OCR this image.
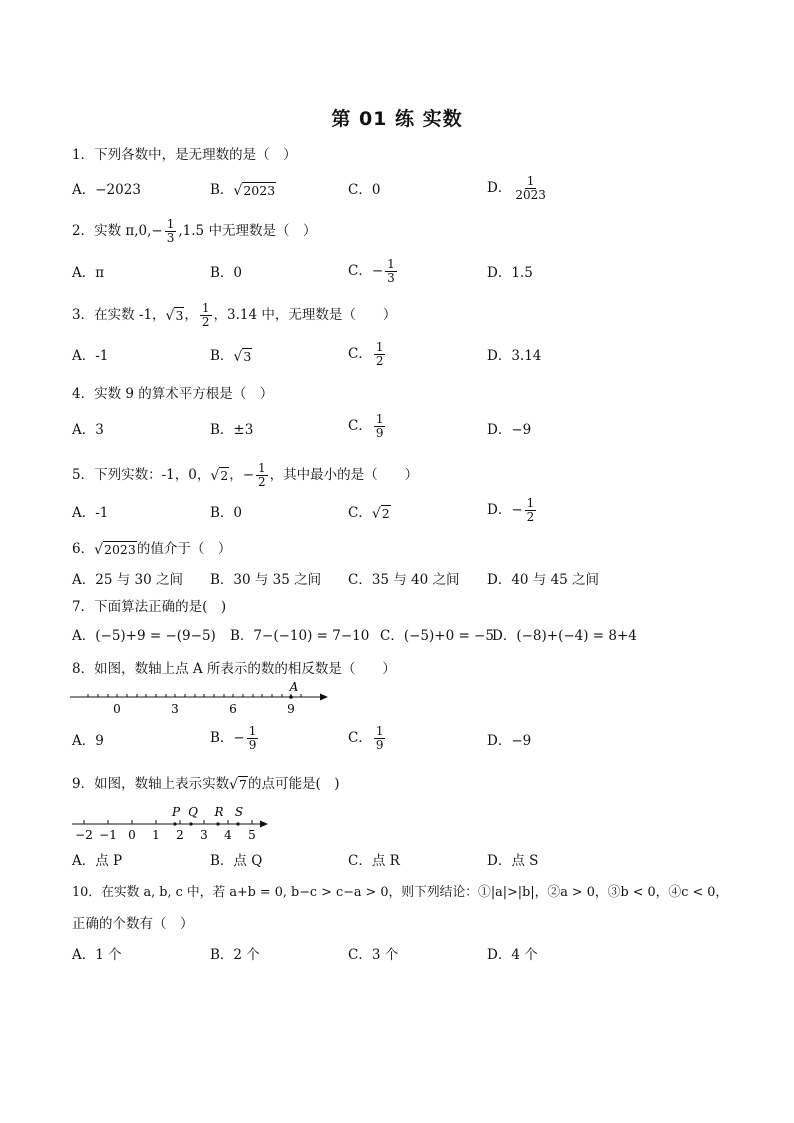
第 01 练 实数
1．下列各数中，是无理数的是（　）
A．−2023	B．√2023	C．0	D． $\frac{1}{2023}$
2．实数 $\pi,0,- \frac{1}{3} ,1.5$ 中无理数是（　）
A．π	B．0	C．− $\frac{1}{3}$	D．1.5
3．在实数 -1，√3， $\frac{1}{2}$ ，3.14 中，无理数是（　　）
A．-1	B．√3	C． $\frac{1}{2}$	D．3.14
4．实数 9 的算术平方根是（　）
A．3	B．±3	C． $\frac{1}{9}$	D．−9
5．下列实数：-1，0，√2，− $\frac{1}{2}$ ，其中最小的是（　　）
A．-1	B．0	C．√2	D．− $\frac{1}{2}$
6．√2023的值介于（　）
A．25 与 30 之间 B．30 与 35 之间 C．35 与 40 之间 D．40 与 45 之间
7．下面算法正确的是(　)
A．(−5)+9 = −(9−5) B．7−(−10) = 7−10 C．(−5)+0 = −5
D．(−8)+(−4) = 8+4
8．如图，数轴上点 A 所表示的数的相反数是（　　）
A
0	3	6	9
A．9	B．− $\frac{1}{9}$	C． $\frac{1}{9}$	D．−9
9．如图，数轴上表示实数√7的点可能是(　)
P Q R S
−2 −1 0 1 2 3 4 5
A．点 P	B．点 Q	C．点 R	D．点 S
10．在实数 a, b, c 中，若 a+b = 0, b−c > c−a > 0，则下列结论：①|a|>|b|，②a > 0，③b < 0，④c < 0，
正确的个数有（　）
A．1 个	B．2 个	C．3 个	D．4 个
